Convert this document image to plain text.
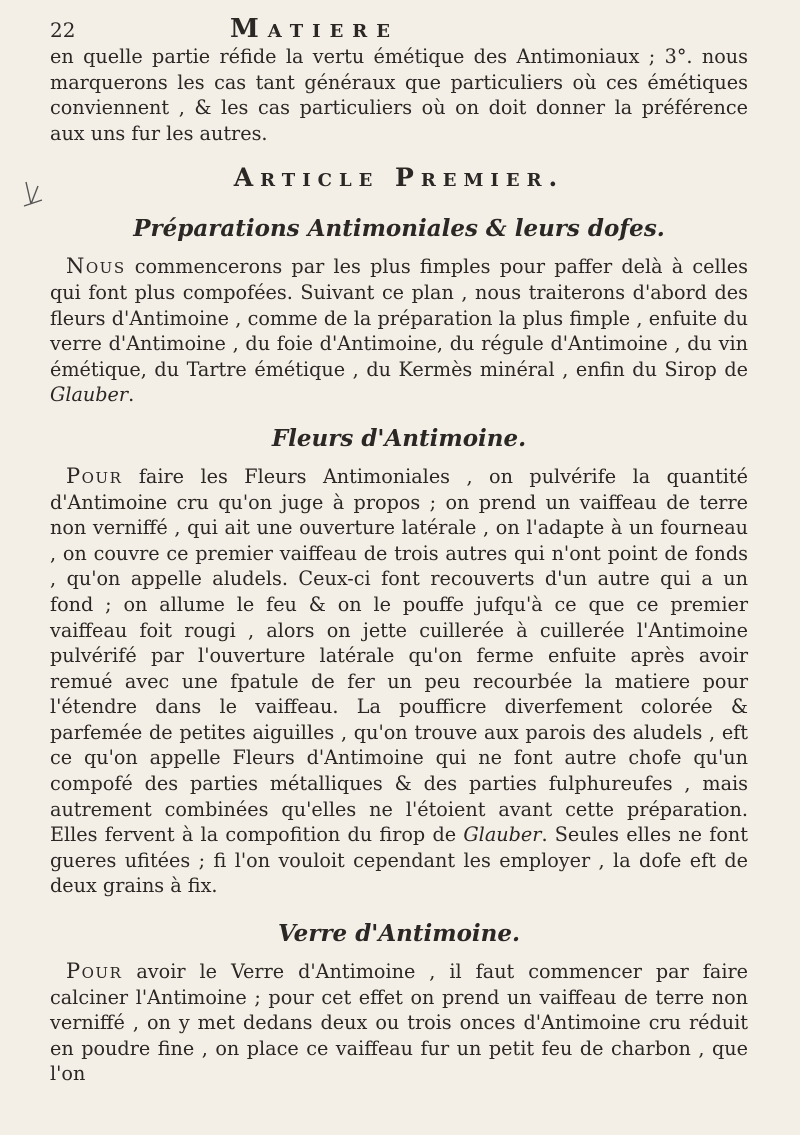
22	Matiere

en quelle partie réfide la vertu émétique des Antimoniaux ; 3°. nous marquerons les cas tant généraux que particuliers où ces émétiques conviennent , & les cas particuliers où on doit donner la préférence aux uns fur les autres.

Article Premier.
Préparations Antimoniales & leurs dofes.

Nous commencerons par les plus fimples pour paffer delà à celles qui font plus compofées. Suivant ce plan , nous traiterons d'abord des fleurs d'Antimoine , comme de la préparation la plus fimple , enfuite du verre d'Antimoine , du foie d'Antimoine, du régule d'Antimoine , du vin émétique, du Tartre émétique , du Kermès minéral , enfin du Sirop de Glauber.

Fleurs d'Antimoine.

Pour faire les Fleurs Antimoniales , on pulvérife la quantité d'Antimoine cru qu'on juge à propos ; on prend un vaiffeau de terre non verniffé , qui ait une ouverture latérale , on l'adapte à un fourneau , on couvre ce premier vaiffeau de trois autres qui n'ont point de fonds , qu'on appelle aludels. Ceux-ci font recouverts d'un autre qui a un fond ; on allume le feu & on le pouffe jufqu'à ce que ce premier vaiffeau foit rougi , alors on jette cuillerée à cuillerée l'Antimoine pulvérifé par l'ouverture latérale qu'on ferme enfuite après avoir remué avec une fpatule de fer un peu recourbée la matiere pour l'étendre dans le vaiffeau. La poufficre diverfement colorée & parfemée de petites aiguilles , qu'on trouve aux parois des aludels , eft ce qu'on appelle Fleurs d'Antimoine qui ne font autre chofe qu'un compofé des parties métalliques & des parties fulphureufes , mais autrement combinées qu'elles ne l'étoient avant cette préparation. Elles fervent à la compofition du firop de Glauber. Seules elles ne font gueres ufitées ; fi l'on vouloit cependant les employer , la dofe eft de deux grains à fix.

Verre d'Antimoine.

Pour avoir le Verre d'Antimoine , il faut commencer par faire calciner l'Antimoine ; pour cet effet on prend un vaiffeau de terre non verniffé , on y met dedans deux ou trois onces d'Antimoine cru réduit en poudre fine , on place ce vaiffeau fur un petit feu de charbon , que l'on
